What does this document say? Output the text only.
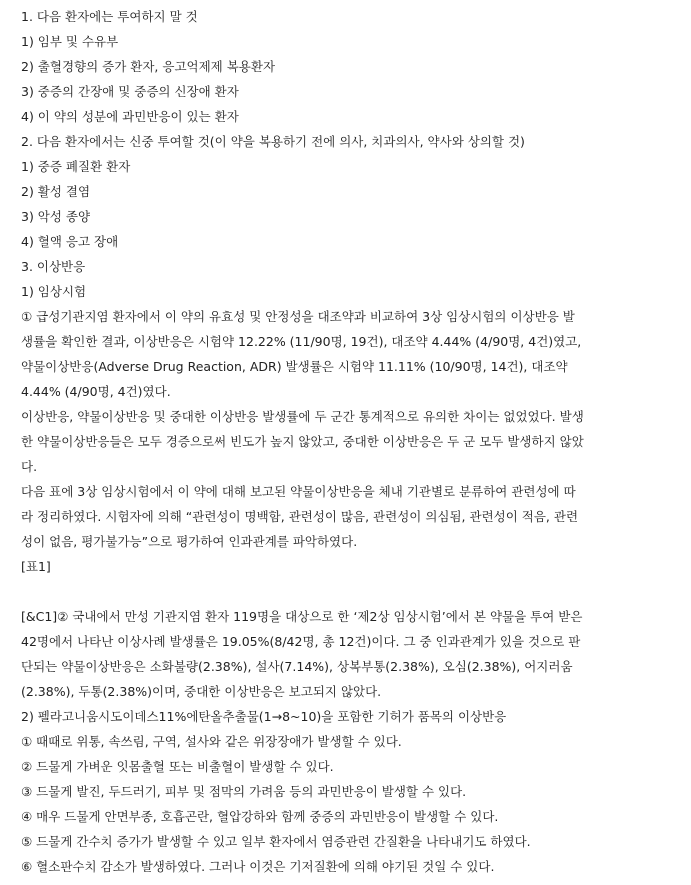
1. 다음 환자에는 투여하지 말 것
1) 임부 및 수유부
2) 출혈경향의 증가 환자, 응고억제제 복용환자
3) 중증의 간장애 및 중증의 신장애 환자
4) 이 약의 성분에 과민반응이 있는 환자
2. 다음 환자에서는 신중 투여할 것(이 약을 복용하기 전에 의사, 치과의사, 약사와 상의할 것)
1) 중증 폐질환 환자
2) 활성 결염
3) 악성 종양
4) 혈액 응고 장애
3. 이상반응
1) 임상시험
① 급성기관지염 환자에서 이 약의 유효성 및 안정성을 대조약과 비교하여 3상 임상시험의 이상반응 발
생률을 확인한 결과, 이상반응은 시험약 12.22% (11/90명, 19건), 대조약 4.44% (4/90명, 4건)였고,
약물이상반응(Adverse Drug Reaction, ADR) 발생률은 시험약 11.11% (10/90명, 14건), 대조약
4.44% (4/90명, 4건)였다.
이상반응, 약물이상반응 및 중대한 이상반응 발생률에 두 군간 통계적으로 유의한 차이는 없었었다. 발생
한 약물이상반응들은 모두 경증으로써 빈도가 높지 않았고, 중대한 이상반응은 두 군 모두 발생하지 않았
다.
다음 표에 3상 임상시험에서 이 약에 대해 보고된 약물이상반응을 체내 기관별로 분류하여 관련성에 따
라 정리하였다. 시험자에 의해 “관련성이 명백함, 관련성이 많음, 관련성이 의심됨, 관련성이 적음, 관련
성이 없음, 평가불가능”으로 평가하여 인과관계를 파악하였다.
[표1]
[&C1]② 국내에서 만성 기관지염 환자 119명을 대상으로 한 ‘제2상 임상시험’에서 본 약물을 투여 받은
42명에서 나타난 이상사례 발생률은 19.05%(8/42명, 총 12건)이다. 그 중 인과관계가 있을 것으로 판
단되는 약물이상반응은 소화불량(2.38%), 설사(7.14%), 상복부통(2.38%), 오심(2.38%), 어지러움
(2.38%), 두통(2.38%)이며, 중대한 이상반응은 보고되지 않았다.
2) 펠라고니움시도이데스11%에탄올추출물(1→8~10)을 포함한 기허가 품목의 이상반응
① 때때로 위통, 속쓰림, 구역, 설사와 같은 위장장애가 발생할 수 있다.
② 드물게 가벼운 잇몸출혈 또는 비출혈이 발생할 수 있다.
③ 드물게 발진, 두드러기, 피부 및 점막의 가려움 등의 과민반응이 발생할 수 있다.
④ 매우 드물게 안면부종, 호흡곤란, 혈압강하와 함께 중증의 과민반응이 발생할 수 있다.
⑤ 드물게 간수치 증가가 발생할 수 있고 일부 환자에서 염증관련 간질환을 나타내기도 하였다.
⑥ 혈소판수치 감소가 발생하였다. 그러나 이것은 기저질환에 의해 야기된 것일 수 있다.
